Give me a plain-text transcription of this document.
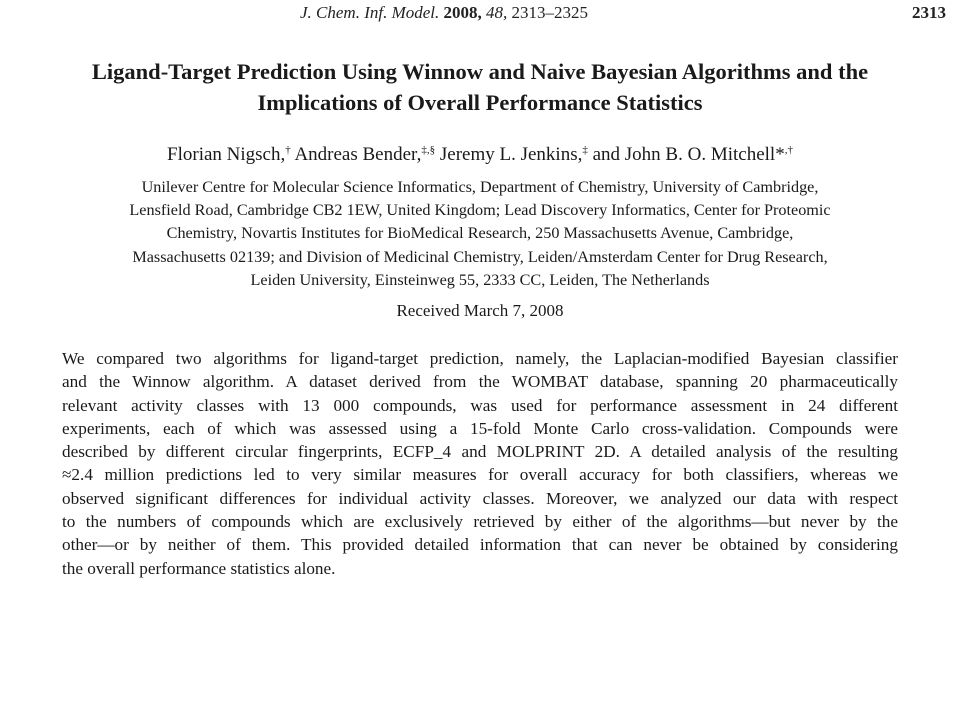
J. Chem. Inf. Model. 2008, 48, 2313–2325	2313
Ligand-Target Prediction Using Winnow and Naive Bayesian Algorithms and the
Implications of Overall Performance Statistics
Florian Nigsch,† Andreas Bender,‡,§ Jeremy L. Jenkins,‡ and John B. O. Mitchell*,†
Unilever Centre for Molecular Science Informatics, Department of Chemistry, University of Cambridge,
Lensfield Road, Cambridge CB2 1EW, United Kingdom; Lead Discovery Informatics, Center for Proteomic
Chemistry, Novartis Institutes for BioMedical Research, 250 Massachusetts Avenue, Cambridge,
Massachusetts 02139; and Division of Medicinal Chemistry, Leiden/Amsterdam Center for Drug Research,
Leiden University, Einsteinweg 55, 2333 CC, Leiden, The Netherlands
Received March 7, 2008
We compared two algorithms for ligand-target prediction, namely, the Laplacian-modified Bayesian classifier
and the Winnow algorithm. A dataset derived from the WOMBAT database, spanning 20 pharmaceutically
relevant activity classes with 13 000 compounds, was used for performance assessment in 24 different
experiments, each of which was assessed using a 15-fold Monte Carlo cross-validation. Compounds were
described by different circular fingerprints, ECFP_4 and MOLPRINT 2D. A detailed analysis of the resulting
≈2.4 million predictions led to very similar measures for overall accuracy for both classifiers, whereas we
observed significant differences for individual activity classes. Moreover, we analyzed our data with respect
to the numbers of compounds which are exclusively retrieved by either of the algorithms—but never by the
other—or by neither of them. This provided detailed information that can never be obtained by considering
the overall performance statistics alone.
